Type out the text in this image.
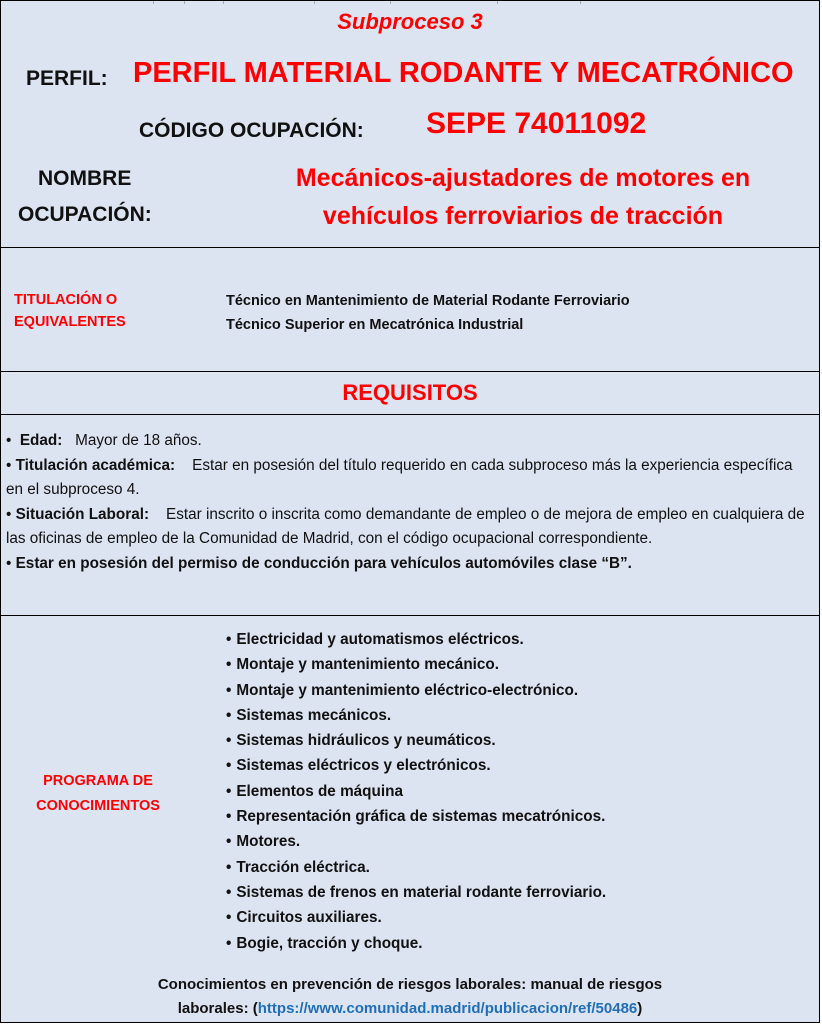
Subproceso 3
PERFIL: PERFIL MATERIAL RODANTE Y MECATRÓNICO
CÓDIGO OCUPACIÓN: SEPE 74011092
NOMBRE
OCUPACIÓN:
Mecánicos-ajustadores de motores en
vehículos ferroviarios de tracción
TITULACIÓN O
EQUIVALENTES
Técnico en Mantenimiento de Material Rodante Ferroviario
Técnico Superior en Mecatrónica Industrial
REQUISITOS

•  Edad: Mayor de 18 años.

• Titulación académica: Estar en posesión del título requerido en cada subproceso más la experiencia específica en el subproceso 4.

• Situación Laboral: Estar inscrito o inscrita como demandante de empleo o de mejora de empleo en cualquiera de las oficinas de empleo de la Comunidad de Madrid, con el código ocupacional correspondiente.

• Estar en posesión del permiso de conducción para vehículos automóviles clase “B”.

PROGRAMA DE
CONOCIMIENTOS
• Electricidad y automatismos eléctricos.
• Montaje y mantenimiento mecánico.
• Montaje y mantenimiento eléctrico-electrónico.
• Sistemas mecánicos.
• Sistemas hidráulicos y neumáticos.
• Sistemas eléctricos y electrónicos.
• Elementos de máquina
• Representación gráfica de sistemas mecatrónicos.
• Motores.
• Tracción eléctrica.
• Sistemas de frenos en material rodante ferroviario.
• Circuitos auxiliares.
• Bogie, tracción y choque.
Conocimientos en prevención de riesgos laborales: manual de riesgos
laborales: (https://www.comunidad.madrid/publicacion/ref/50486)
